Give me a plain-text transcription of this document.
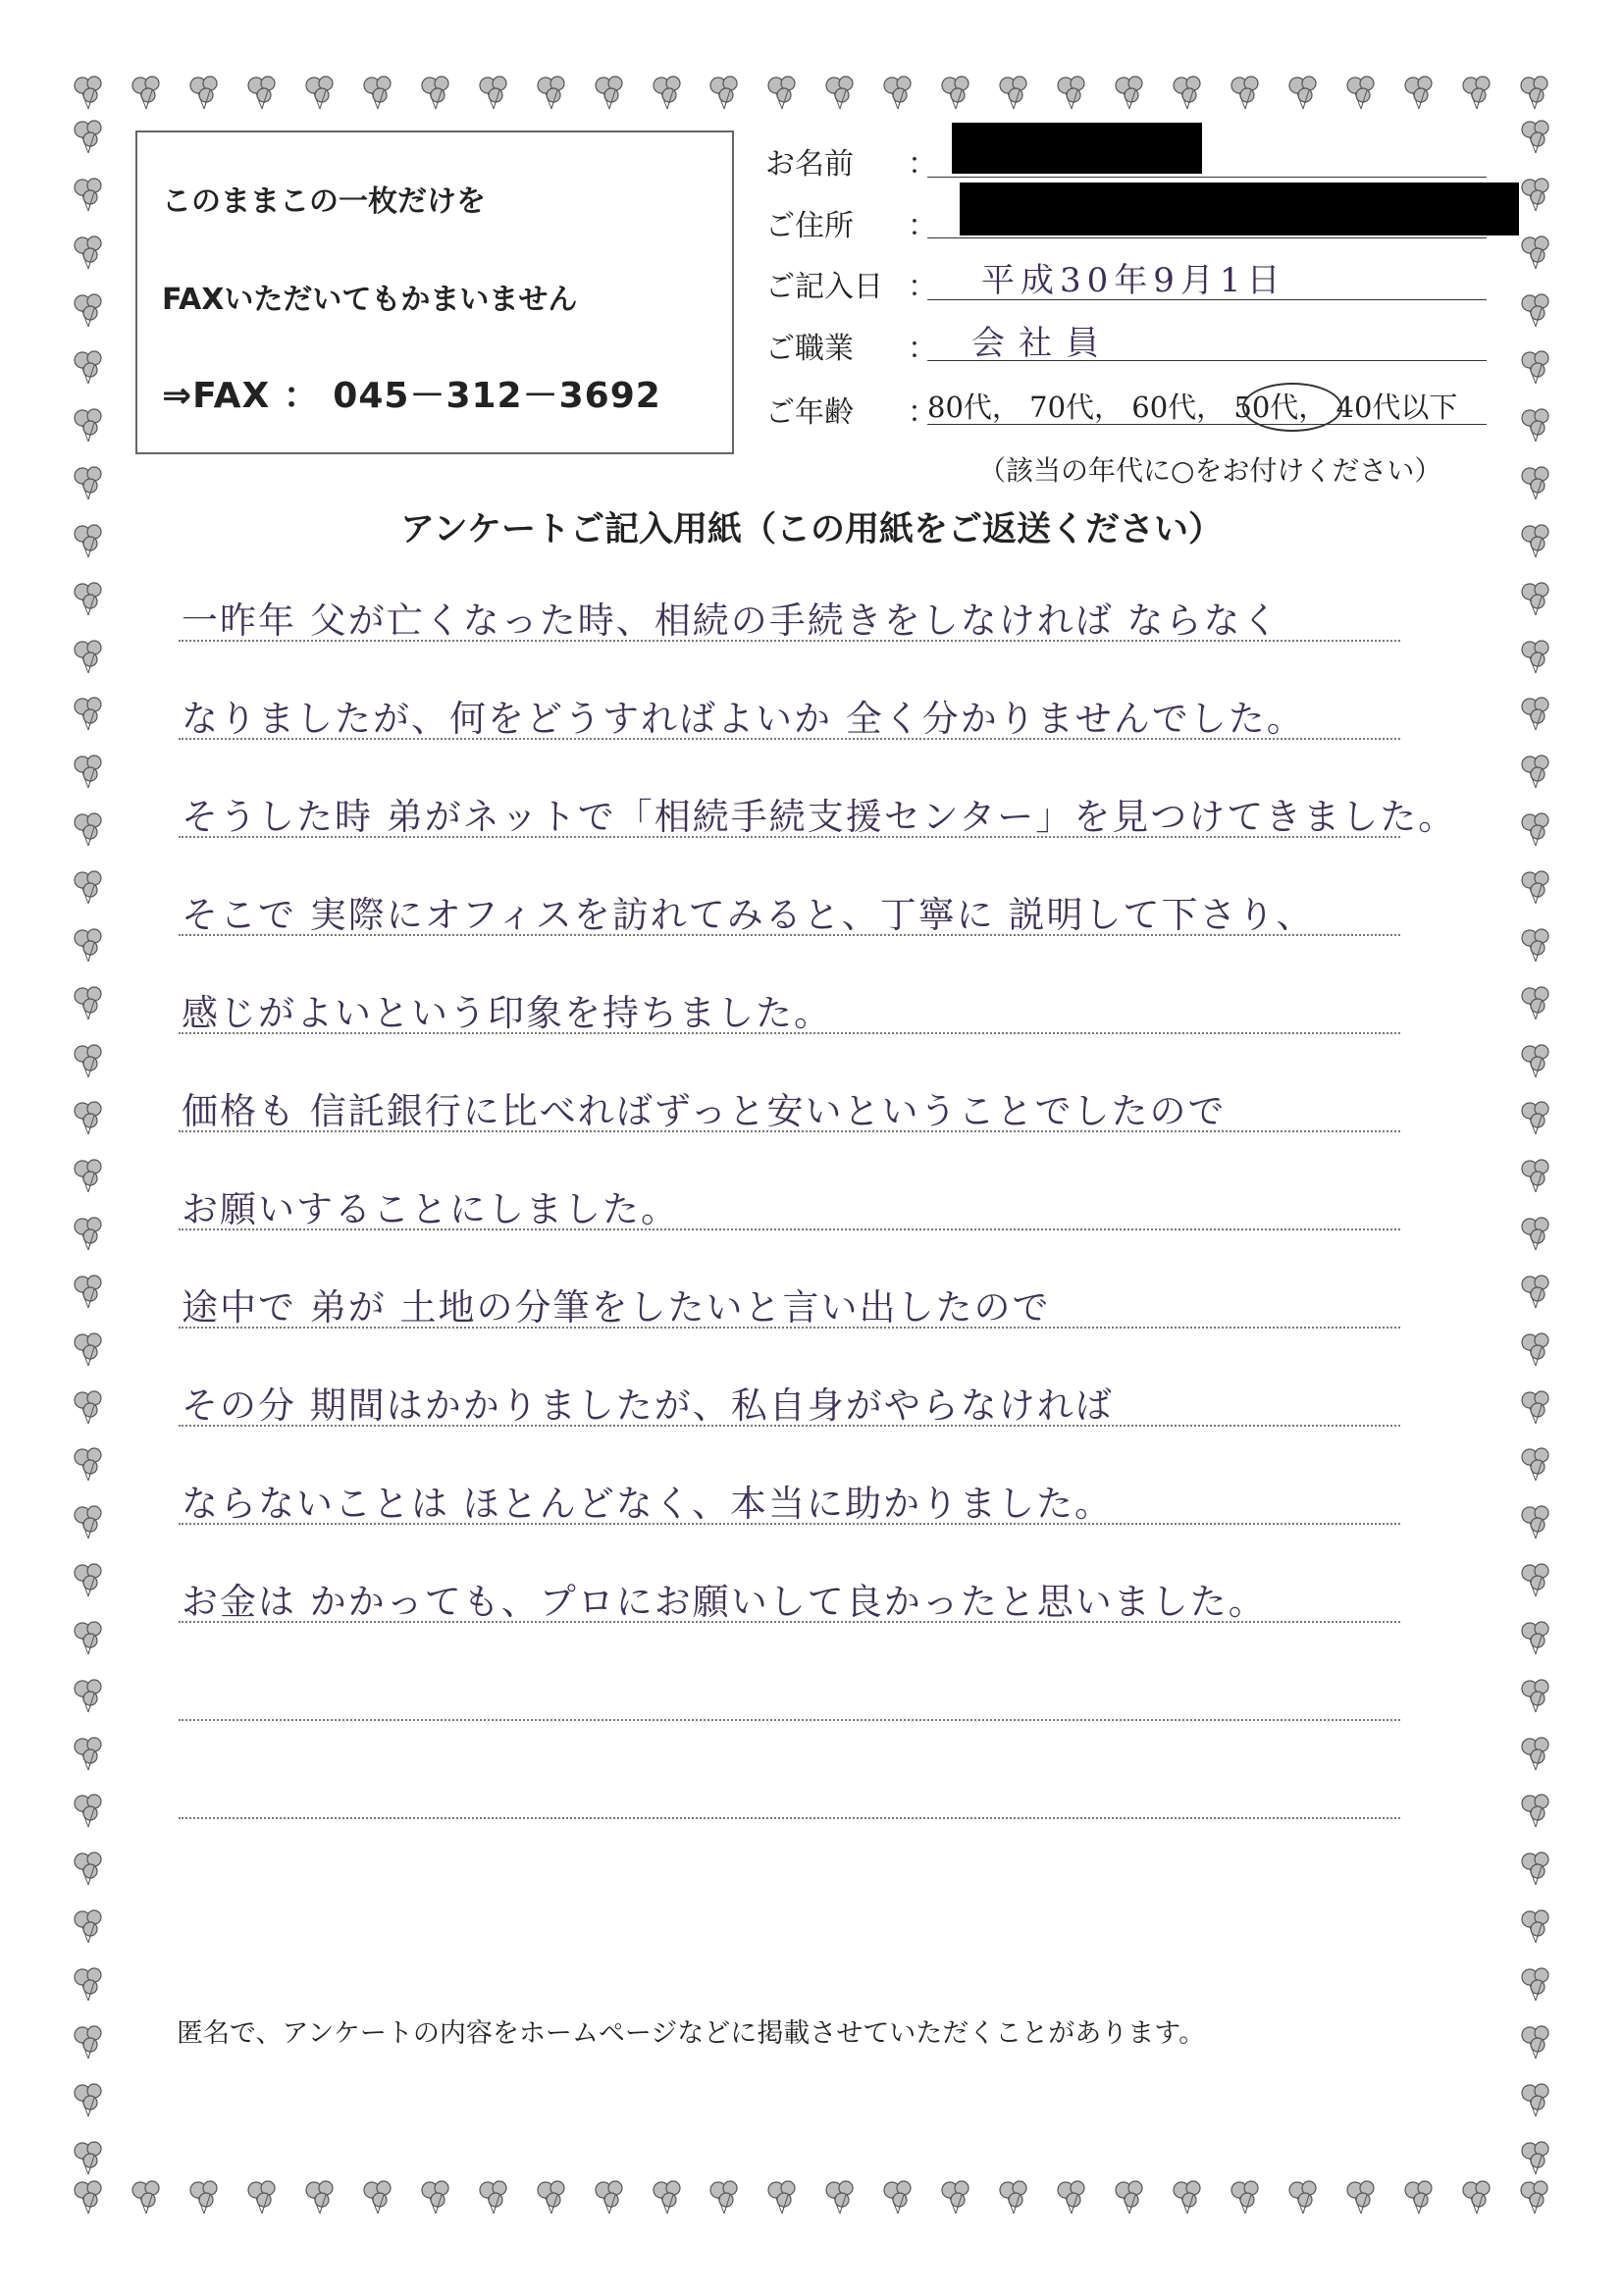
このままこの一枚だけを
FAXいただいてもかまいません
⇒FAX ： 045－312－3692
お名前 ：
ご住所 ：
ご記入日 ： 平成30年9月1日
ご職業 ： 会社員
ご年齢 ：
80代， 70代， 60代， 50代， 40代以下
（該当の年代に○をお付けください）
アンケートご記入用紙（この用紙をご返送ください）
一昨年 父が亡くなった時、相続の手続きをしなければ ならなく
なりましたが、何をどうすればよいか 全く分かりませんでした。
そうした時 弟がネットで「相続手続支援センター」を見つけてきました。
そこで 実際にオフィスを訪れてみると、丁寧に 説明して下さり、
感じがよいという印象を持ちました。
価格も 信託銀行に比べればずっと安いということでしたので
お願いすることにしました。
途中で 弟が 土地の分筆をしたいと言い出したので
その分 期間はかかりましたが、私自身がやらなければ
ならないことは ほとんどなく、本当に助かりました。
お金は かかっても、プロにお願いして良かったと思いました。
匿名で、アンケートの内容をホームページなどに掲載させていただくことがあります。
